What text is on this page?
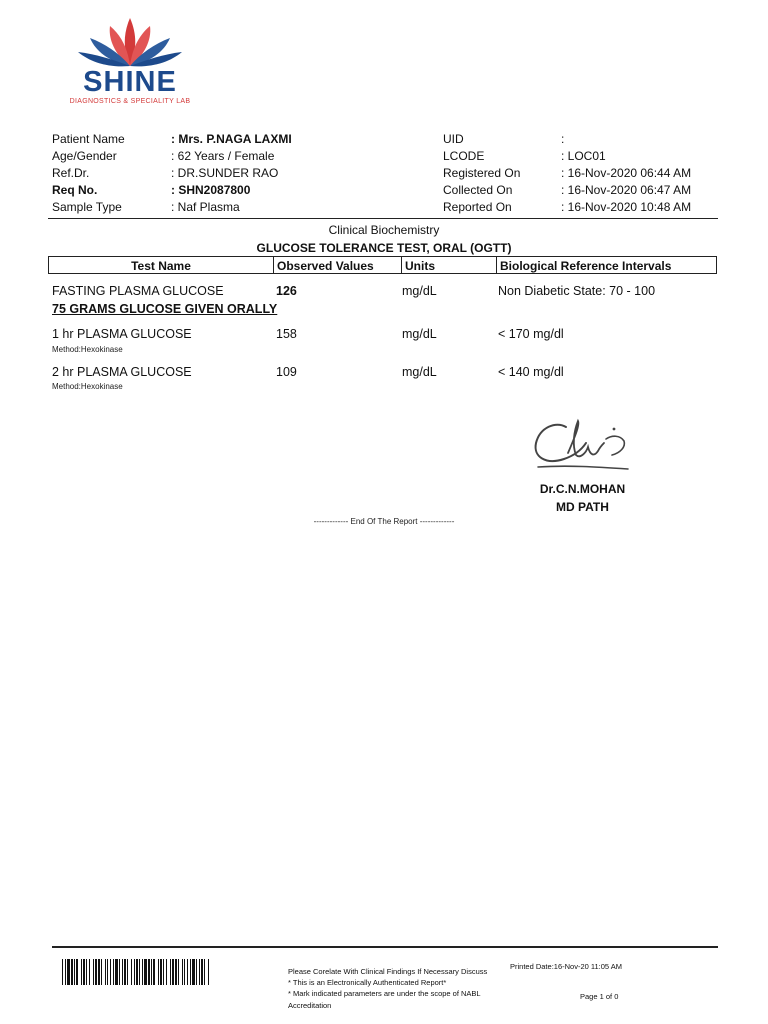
SHINE
DIAGNOSTICS & SPECIALITY LAB
Patient Name	: Mrs. P.NAGA LAXMI
Age/Gender	: 62 Years / Female
Ref.Dr.	: DR.SUNDER RAO
Req No.	: SHN2087800
Sample Type	: Naf Plasma
UID	:
LCODE	: LOC01
Registered On	: 16-Nov-2020 06:44 AM
Collected On	: 16-Nov-2020 06:47 AM
Reported On	: 16-Nov-2020 10:48 AM
Clinical Biochemistry
GLUCOSE TOLERANCE TEST, ORAL (OGTT)
Test Name	Observed Values	Units	Biological Reference Intervals
FASTING PLASMA GLUCOSE	126	mg/dL	Non Diabetic State: 70 - 100
75 GRAMS GLUCOSE GIVEN ORALLY
1 hr PLASMA GLUCOSE	158	mg/dL	< 170 mg/dl
Method:Hexokinase
2 hr PLASMA GLUCOSE	109	mg/dL	< 140 mg/dl
Method:Hexokinase
Dr.C.N.MOHAN
MD PATH
------------- End Of The Report -------------
Please Corelate With Clinical Findings If Necessary Discuss
* This is an Electronically Authenticated Report*
* Mark indicated parameters are under the scope of NABL
Accreditation
Printed Date:16-Nov-20 11:05 AM
Page 1 of 0
